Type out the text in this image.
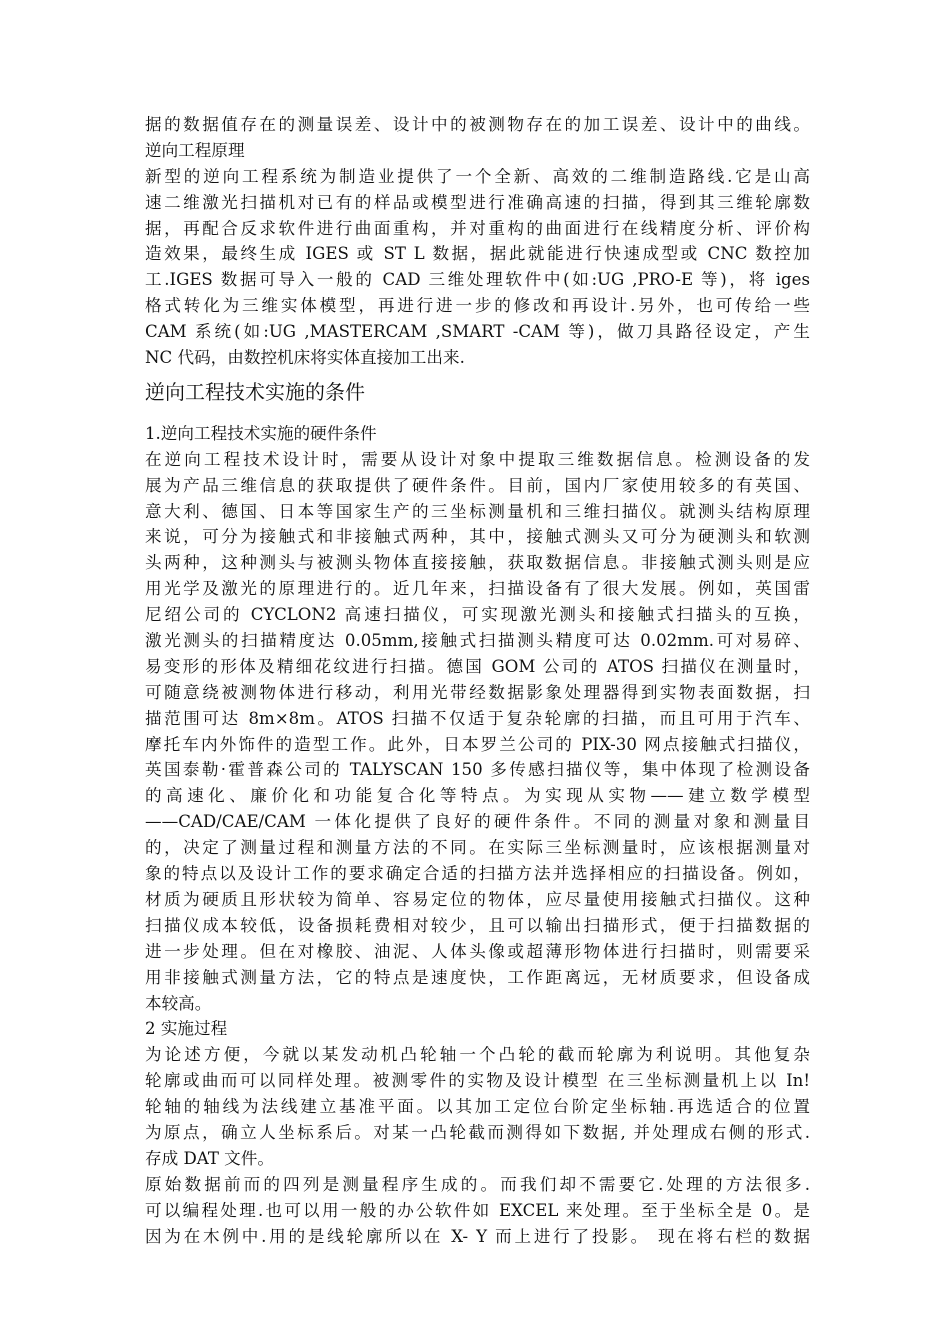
据的数据值存在的测量误差、设计中的被测物存在的加工误差、设计中的曲线。
逆向工程原理
新型的逆向工程系统为制造业提供了一个全新、高效的二维制造路线.它是山高
速二维激光扫描机对已有的样品或模型进行准确高速的扫描，得到其三维轮廓数
据，再配合反求软件进行曲面重构，并对重构的曲面进行在线精度分析、评价构
造效果，最终生成 IGES 或 ST L 数据，据此就能进行快速成型或 CNC 数控加
工.IGES 数据可导入一般的 CAD 三维处理软件中(如:UG ,PRO-E 等)，将 iges
格式转化为三维实体模型，再进行进一步的修改和再设计.另外，也可传给一些
CAM 系统(如:UG ,MASTERCAM ,SMART -CAM 等)，做刀具路径设定，产生
NC 代码，由数控机床将实体直接加工出来.
逆向工程技术实施的条件
1.逆向工程技术实施的硬件条件
在逆向工程技术设计时，需要从设计对象中提取三维数据信息。检测设备的发
展为产品三维信息的获取提供了硬件条件。目前，国内厂家使用较多的有英国、
意大利、德国、日本等国家生产的三坐标测量机和三维扫描仪。就测头结构原理
来说，可分为接触式和非接触式两种，其中，接触式测头又可分为硬测头和软测
头两种，这种测头与被测头物体直接接触，获取数据信息。非接触式测头则是应
用光学及激光的原理进行的。近几年来，扫描设备有了很大发展。例如，英国雷
尼绍公司的 CYCLON2 高速扫描仪，可实现激光测头和接触式扫描头的互换，
激光测头的扫描精度达 0.05mm,接触式扫描测头精度可达 0.02mm.可对易碎、
易变形的形体及精细花纹进行扫描。德国 GOM 公司的 ATOS 扫描仪在测量时，
可随意绕被测物体进行移动，利用光带经数据影象处理器得到实物表面数据，扫
描范围可达 8m×8m。ATOS 扫描不仅适于复杂轮廓的扫描，而且可用于汽车、
摩托车内外饰件的造型工作。此外，日本罗兰公司的 PIX-30 网点接触式扫描仪，
英国泰勒·霍普森公司的 TALYSCAN 150 多传感扫描仪等，集中体现了检测设备
的高速化、廉价化和功能复合化等特点。为实现从实物——建立数学模型
——CAD/CAE/CAM 一体化提供了良好的硬件条件。不同的测量对象和测量目
的，决定了测量过程和测量方法的不同。在实际三坐标测量时，应该根据测量对
象的特点以及设计工作的要求确定合适的扫描方法并选择相应的扫描设备。例如，
材质为硬质且形状较为简单、容易定位的物体，应尽量使用接触式扫描仪。这种
扫描仪成本较低，设备损耗费相对较少，且可以输出扫描形式，便于扫描数据的
进一步处理。但在对橡胶、油泥、人体头像或超薄形物体进行扫描时，则需要采
用非接触式测量方法，它的特点是速度快，工作距离远，无材质要求，但设备成
本较高。
2 实施过程
为论述方便，今就以某发动机凸轮轴一个凸轮的截而轮廓为利说明。其他复杂
轮廓或曲而可以同样处理。被测零件的实物及设计模型 在三坐标测量机上以 In!
轮轴的轴线为法线建立基准平面。以其加工定位台阶定坐标轴.再选适合的位置
为原点，确立人坐标系后。对某一凸轮截而测得如下数据, 并处理成右侧的形式.
存成 DAT 文件。
原始数据前而的四列是测量程序生成的。而我们却不需要它.处理的方法很多.
可以编程处理.也可以用一般的办公软件如 EXCEL 来处理。至于坐标全是 0。是
因为在木例中.用的是线轮廓所以在 X- Y 而上进行了投影。 现在将右栏的数据
